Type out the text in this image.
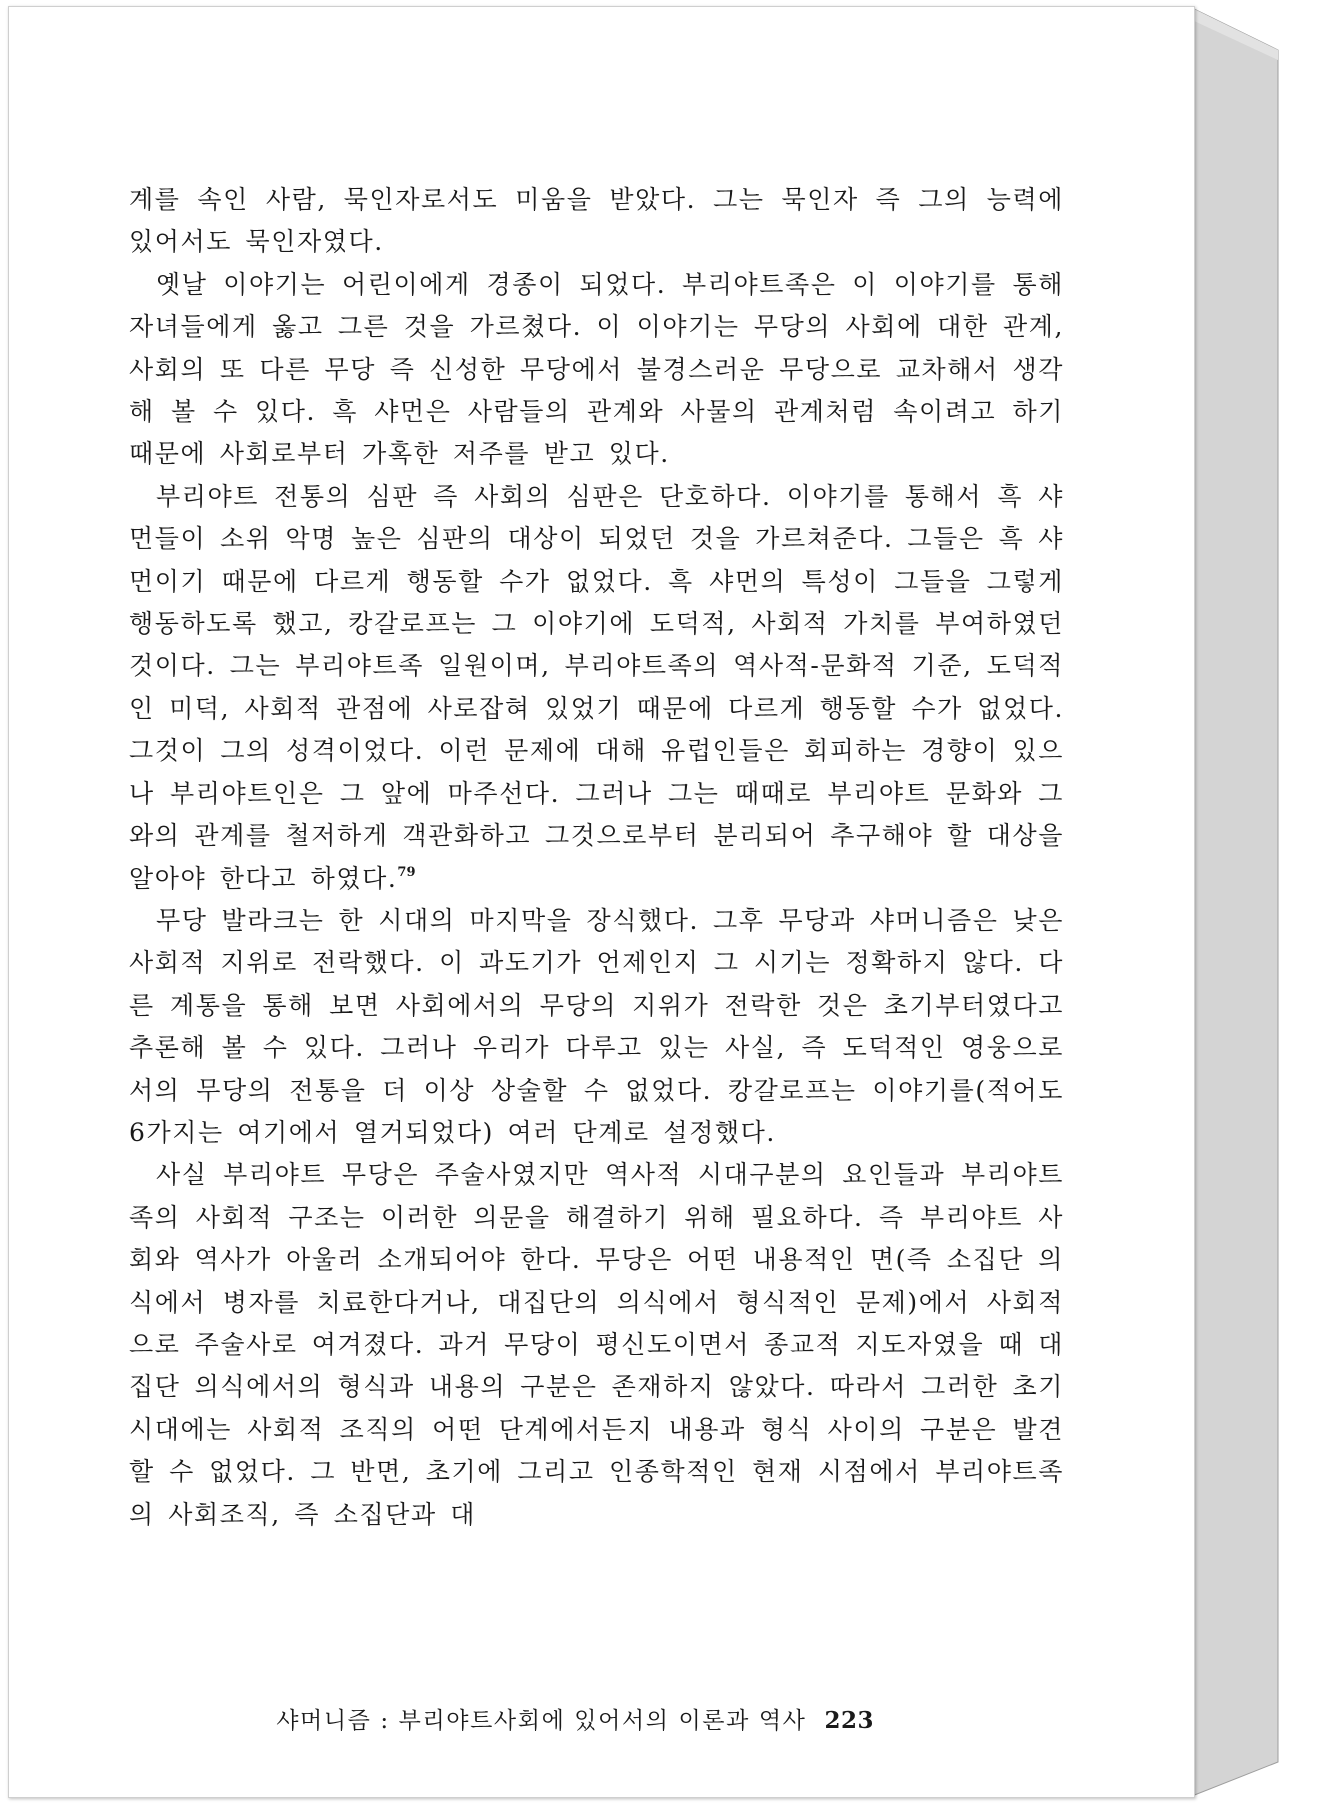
계를 속인 사람, 묵인자로서도 미움을 받았다. 그는 묵인자 즉 그의 능력에 있어서도 묵인자였다.

옛날 이야기는 어린이에게 경종이 되었다. 부리야트족은 이 이야기를 통해 자녀들에게 옳고 그른 것을 가르쳤다. 이 이야기는 무당의 사회에 대한 관계, 사회의 또 다른 무당 즉 신성한 무당에서 불경스러운 무당으로 교차해서 생각해 볼 수 있다. 흑 샤먼은 사람들의 관계와 사물의 관계처럼 속이려고 하기 때문에 사회로부터 가혹한 저주를 받고 있다.

부리야트 전통의 심판 즉 사회의 심판은 단호하다. 이야기를 통해서 흑 샤먼들이 소위 악명 높은 심판의 대상이 되었던 것을 가르쳐준다. 그들은 흑 샤먼이기 때문에 다르게 행동할 수가 없었다. 흑 샤먼의 특성이 그들을 그렇게 행동하도록 했고, 캉갈로프는 그 이야기에 도덕적, 사회적 가치를 부여하였던 것이다. 그는 부리야트족 일원이며, 부리야트족의 역사적-문화적 기준, 도덕적인 미덕, 사회적 관점에 사로잡혀 있었기 때문에 다르게 행동할 수가 없었다. 그것이 그의 성격이었다. 이런 문제에 대해 유럽인들은 회피하는 경향이 있으나 부리야트인은 그 앞에 마주선다. 그러나 그는 때때로 부리야트 문화와 그와의 관계를 철저하게 객관화하고 그것으로부터 분리되어 추구해야 할 대상을 알아야 한다고 하였다.$^{79}$

무당 발라크는 한 시대의 마지막을 장식했다. 그후 무당과 샤머니즘은 낮은 사회적 지위로 전락했다. 이 과도기가 언제인지 그 시기는 정확하지 않다. 다른 계통을 통해 보면 사회에서의 무당의 지위가 전락한 것은 초기부터였다고 추론해 볼 수 있다. 그러나 우리가 다루고 있는 사실, 즉 도덕적인 영웅으로서의 무당의 전통을 더 이상 상술할 수 없었다. 캉갈로프는 이야기를(적어도 6가지는 여기에서 열거되었다) 여러 단계로 설정했다.

사실 부리야트 무당은 주술사였지만 역사적 시대구분의 요인들과 부리야트족의 사회적 구조는 이러한 의문을 해결하기 위해 필요하다. 즉 부리야트 사회와 역사가 아울러 소개되어야 한다. 무당은 어떤 내용적인 면(즉 소집단 의식에서 병자를 치료한다거나, 대집단의 의식에서 형식적인 문제)에서 사회적으로 주술사로 여겨졌다. 과거 무당이 평신도이면서 종교적 지도자였을 때 대집단 의식에서의 형식과 내용의 구분은 존재하지 않았다. 따라서 그러한 초기 시대에는 사회적 조직의 어떤 단계에서든지 내용과 형식 사이의 구분은 발견할 수 없었다. 그 반면, 초기에 그리고 인종학적인 현재 시점에서 부리야트족의 사회조직, 즉 소집단과 대

샤머니즘 : 부리야트사회에 있어서의 이론과 역사 223
